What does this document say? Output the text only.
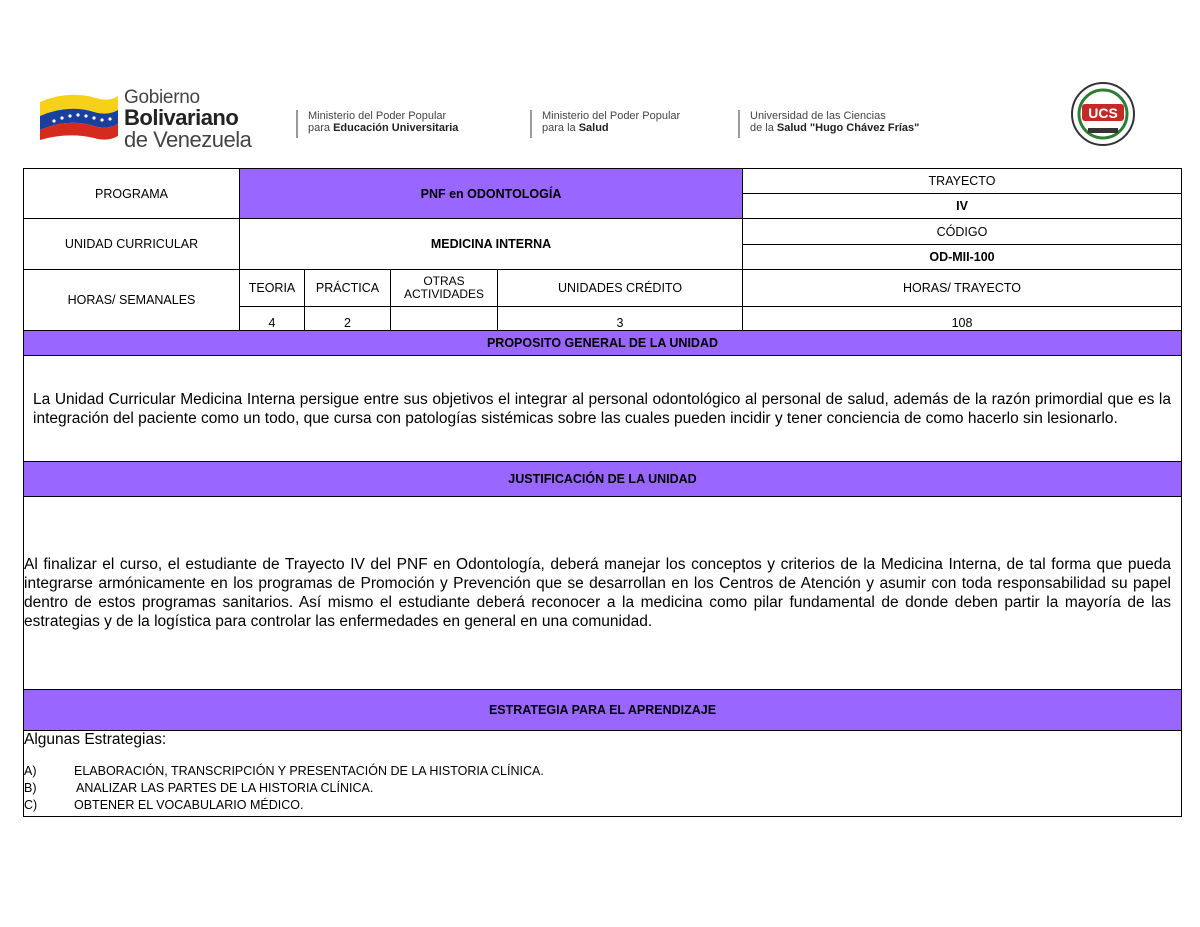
Gobierno
Bolivariano
de Venezuela
Ministerio del Poder Popular
para Educación Universitaria
Ministerio del Poder Popular
para la Salud
Universidad de las Ciencias
de la Salud "Hugo Chávez Frías"
UCS
PROGRAMA	PNF en ODONTOLOGÍA				TRAYECTO
					IV
UNIDAD CURRICULAR	MEDICINA INTERNA				CÓDIGO
					OD-MII-100
HORAS/ SEMANALES	TEORIA	PRÁCTICA	OTRAS ACTIVIDADES	UNIDADES CRÉDITO	HORAS/ TRAYECTO
	4	2		3	108
PROPOSITO GENERAL DE LA UNIDAD					
La Unidad Curricular Medicina Interna persigue entre sus objetivos el integrar al personal odontológico al personal de salud, además de la razón primordial que es la integración del paciente como un todo, que cursa con patologías sistémicas sobre las cuales pueden incidir y tener conciencia de como hacerlo sin lesionarlo.					
JUSTIFICACIÓN DE LA UNIDAD					
Al finalizar el curso, el estudiante de Trayecto IV del PNF en Odontología, deberá manejar los conceptos y criterios de la Medicina Interna, de tal forma que pueda integrarse armónicamente en los programas de Promoción y Prevención que se desarrollan en los Centros de Atención y asumir con toda responsabilidad su papel dentro de estos programas sanitarios. Así mismo el estudiante deberá reconocer a la medicina como pilar fundamental de donde deben partir la mayoría de las estrategias y de la logística para controlar las enfermedades en general en una comunidad.					
ESTRATEGIA PARA EL APRENDIZAJE					

Algunas Estrategias:
A) ELABORACIÓN, TRANSCRIPCIÓN Y PRESENTACIÓN DE LA HISTORIA CLÍNICA.
B) ANALIZAR LAS PARTES DE LA HISTORIA CLÍNICA.
C) OBTENER EL VOCABULARIO MÉDICO.					
